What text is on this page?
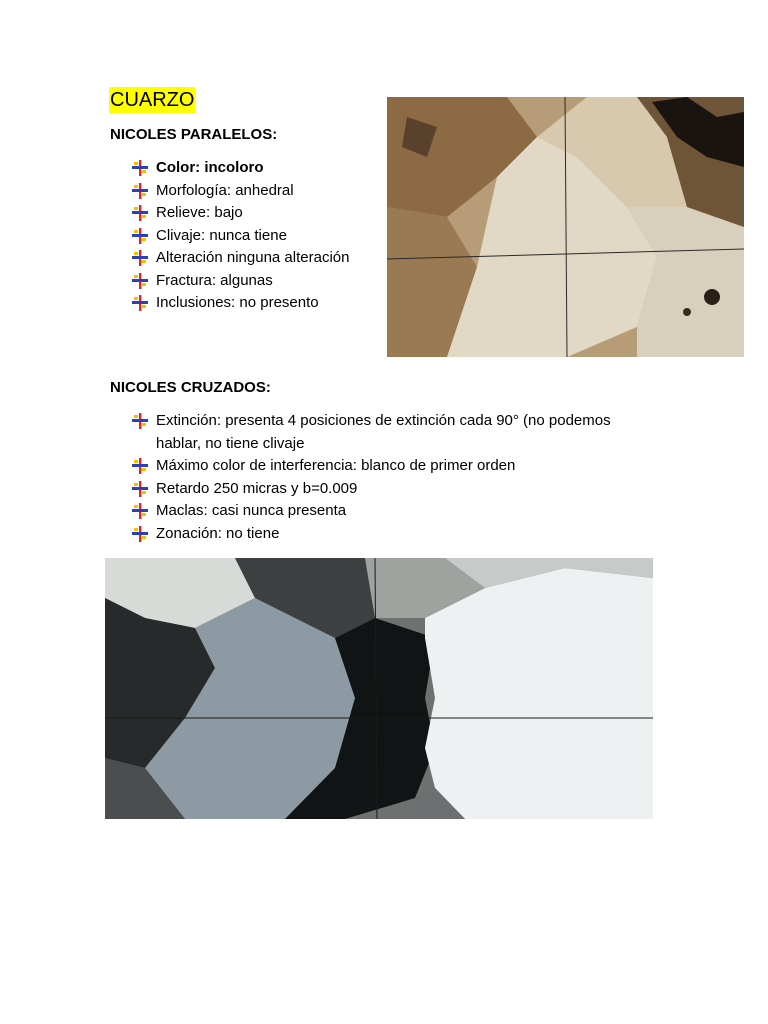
CUARZO
NICOLES PARALELOS:
Color: incoloro
Morfología: anhedral
Relieve: bajo
Clivaje: nunca tiene
Alteración ninguna alteración
Fractura: algunas
Inclusiones: no presento
NICOLES CRUZADOS:
Extinción: presenta 4 posiciones de extinción cada 90° (no podemos
hablar, no tiene clivaje
Máximo color de interferencia: blanco de primer orden
Retardo 250 micras y b=0.009
Maclas: casi nunca presenta
Zonación: no tiene
